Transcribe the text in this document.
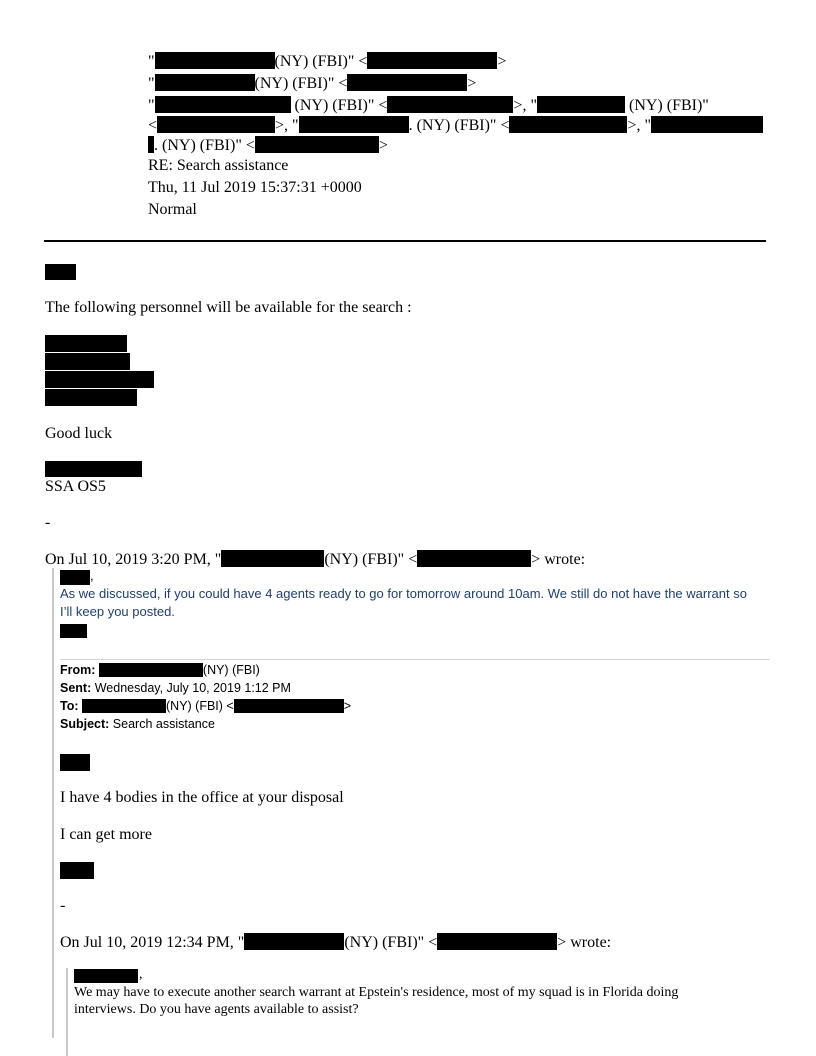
"	(NY) (FBI)" <	>
"	(NY) (FBI)" <	>
"	(NY) (FBI)" <	>, "	(NY) (FBI)"
<	>, "	. (NY) (FBI)" <	>, "
. (NY) (FBI)" <	>
RE: Search assistance
Thu, 11 Jul 2019 15:37:31 +0000
Normal
The following personnel will be available for the search :
Good luck
SSA OS5
-
On Jul 10, 2019 3:20 PM, "	(NY) (FBI)" <	> wrote:
,
As we discussed, if you could have 4 agents ready to go for tomorrow around 10am. We still do not have the warrant so
I’ll keep you posted.
From:	(NY) (FBI)
Sent: Wednesday, July 10, 2019 1:12 PM
To:	(NY) (FBI) <	>
Subject: Search assistance
I have 4 bodies in the office at your disposal
I can get more
-
On Jul 10, 2019 12:34 PM, "	(NY) (FBI)" <	> wrote:
,
We may have to execute another search warrant at Epstein's residence, most of my squad is in Florida doing
interviews. Do you have agents available to assist?
